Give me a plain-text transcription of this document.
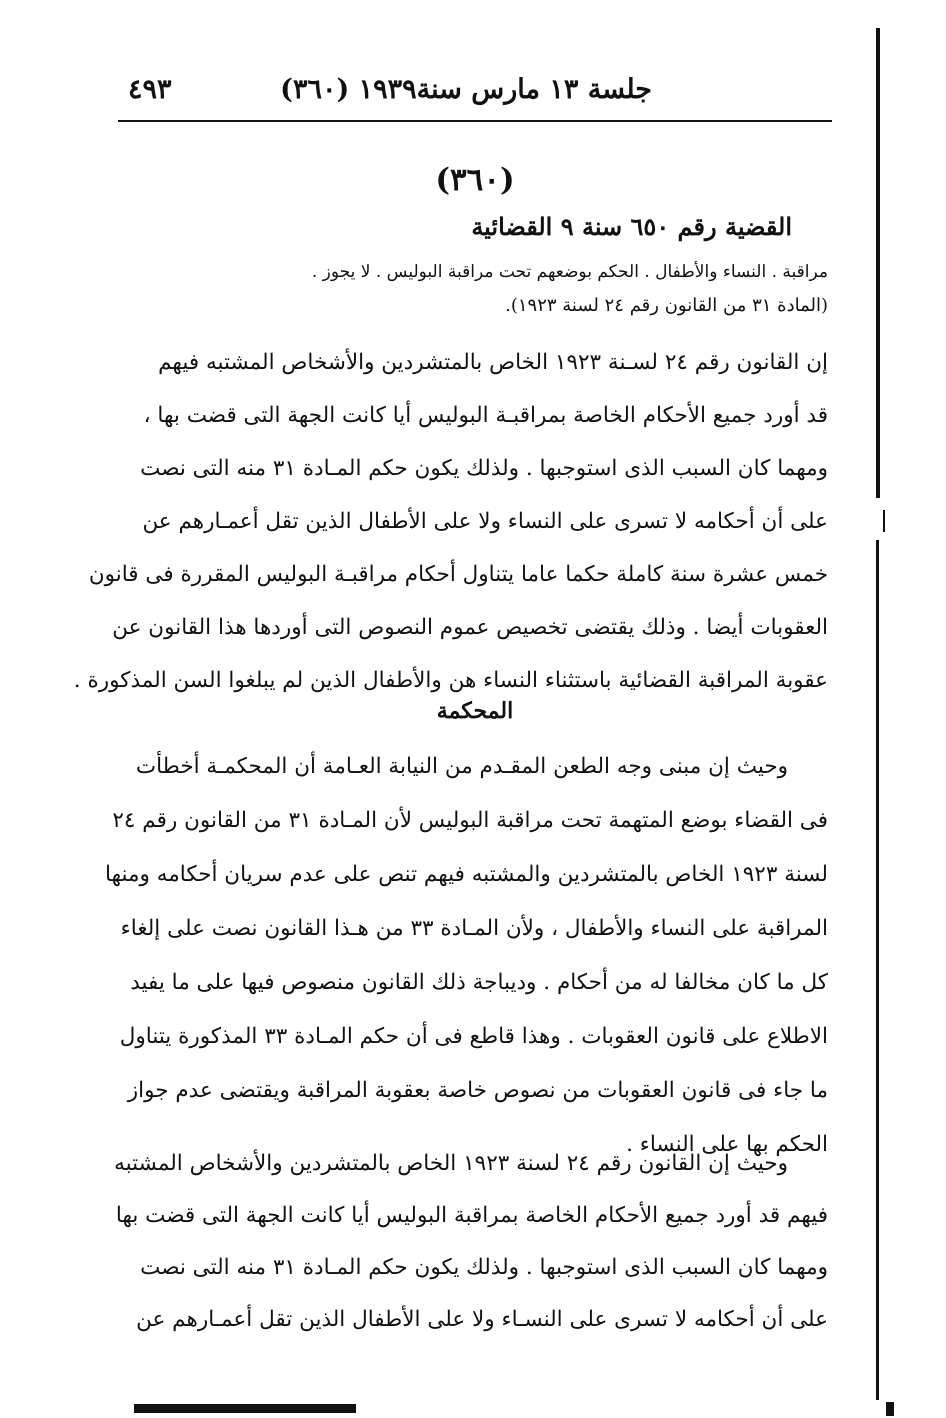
جلسة ١٣ مارس سنة١٩٣٩ (٣٦٠)
٤٩٣
(٣٦٠)
القضية رقم ٦٥٠ سنة ٩ القضائية
مراقبة . النساء والأطفال . الحكم بوضعهم تحت مراقبة البوليس . لا يجوز .
(المادة ٣١ من القانون رقم ٢٤ لسنة ١٩٢٣).

إن القانون رقم ٢٤ لسـنة ١٩٢٣ الخاص بالمتشردين والأشخاص المشتبه فيهم

قد أورد جميع الأحكام الخاصة بمراقبـة البوليس أيا كانت الجهة التى قضت بها ،

ومهما كان السبب الذى استوجبها . ولذلك يكون حكم المـادة ٣١ منه التى نصت

على أن أحكامه لا تسرى على النساء ولا على الأطفال الذين تقل أعمـارهم عن

خمس عشرة سنة كاملة حكما عاما يتناول أحكام مراقبـة البوليس المقررة فى قانون

العقوبات أيضا . وذلك يقتضى تخصيص عموم النصوص التى أوردها هذا القانون عن

عقوبة المراقبة القضائية باستثناء النساء هن والأطفال الذين لم يبلغوا السن المذكورة .

المحكمة

وحيث إن مبنى وجه الطعن المقـدم من النيابة العـامة أن المحكمـة أخطأت

فى القضاء بوضع المتهمة تحت مراقبة البوليس لأن المـادة ٣١ من القانون رقم ٢٤

لسنة ١٩٢٣ الخاص بالمتشردين والمشتبه فيهم تنص على عدم سريان أحكامه ومنها

المراقبة على النساء والأطفال ، ولأن المـادة ٣٣ من هـذا القانون نصت على إلغاء

كل ما كان مخالفا له من أحكام . وديباجة ذلك القانون منصوص فيها على ما يفيد

الاطلاع على قانون العقوبات . وهذا قاطع فى أن حكم المـادة ٣٣ المذكورة يتناول

ما جاء فى قانون العقوبات من نصوص خاصة بعقوبة المراقبة ويقتضى عدم جواز

الحكم بها على النساء .

وحيث إن القانون رقم ٢٤ لسنة ١٩٢٣ الخاص بالمتشردين والأشخاص المشتبه

فيهم قد أورد جميع الأحكام الخاصة بمراقبة البوليس أيا كانت الجهة التى قضت بها

ومهما كان السبب الذى استوجبها . ولذلك يكون حكم المـادة ٣١ منه التى نصت

على أن أحكامه لا تسرى على النسـاء ولا على الأطفال الذين تقل أعمـارهم عن
